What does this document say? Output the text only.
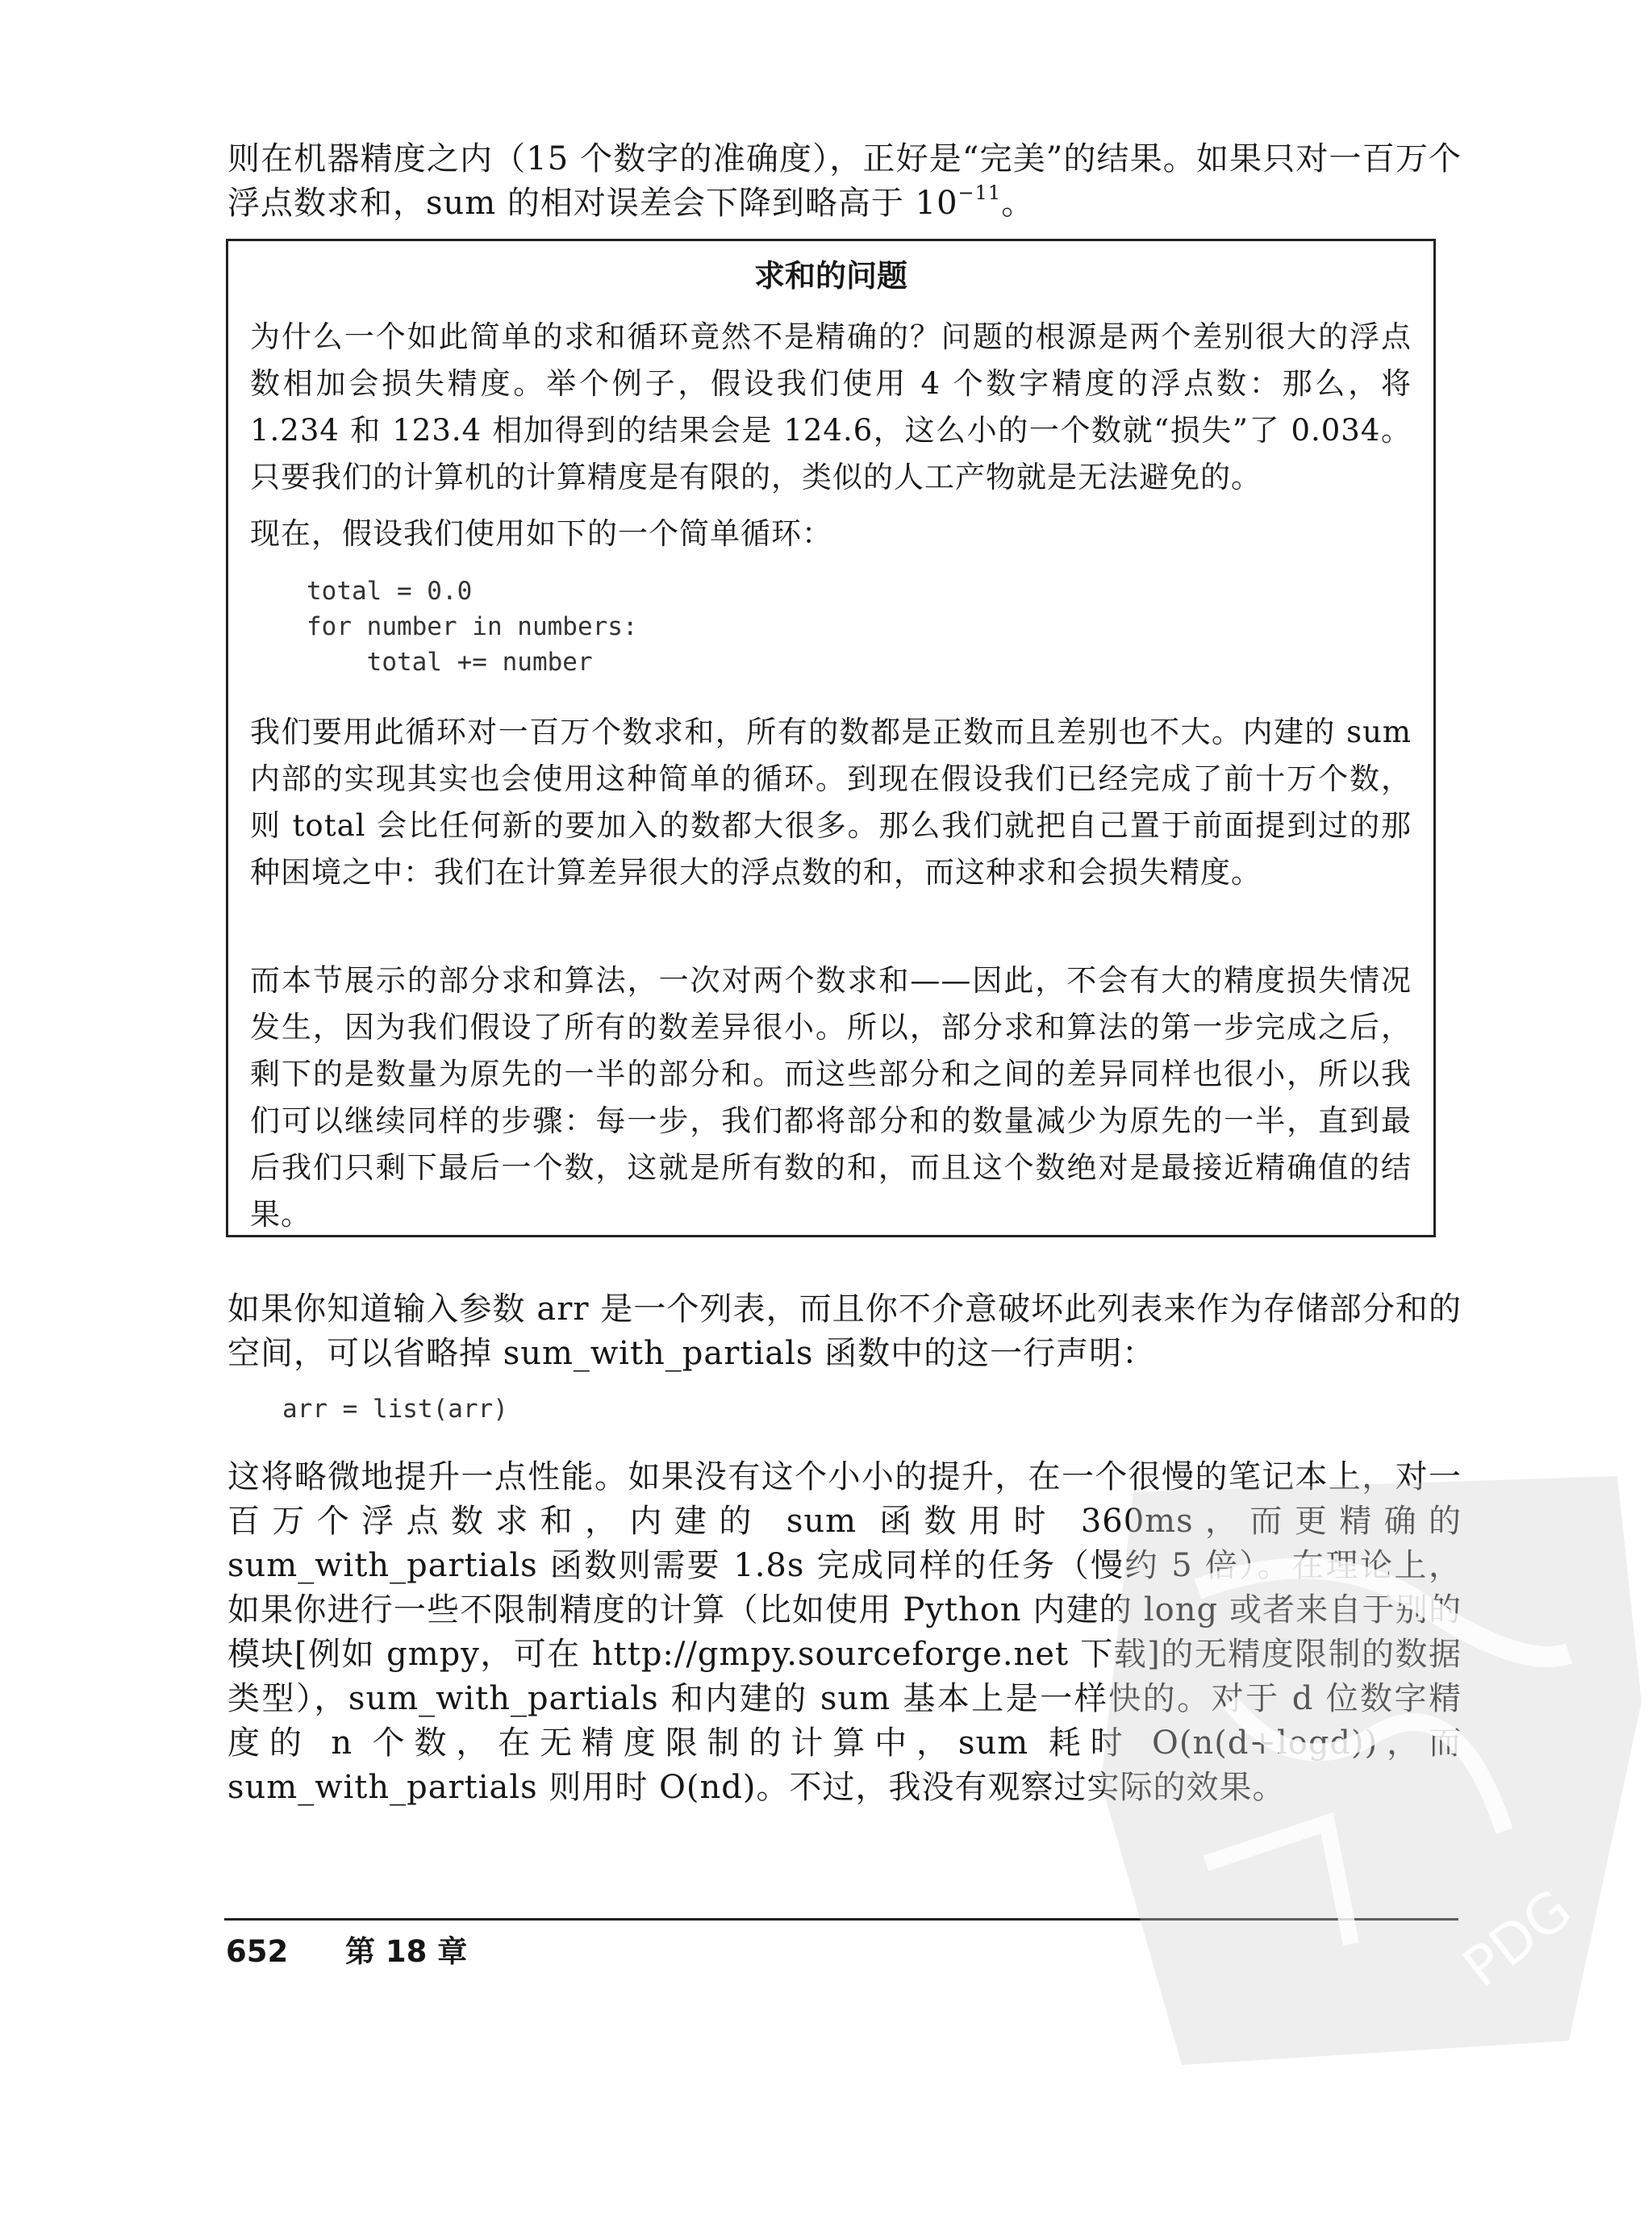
则在机器精度之内（15 个数字的准确度），正好是“完美”的结果。如果只对一百万个浮点数求和，sum 的相对误差会下降到略高于 $10^{-11}$。

求和的问题

为什么一个如此简单的求和循环竟然不是精确的？问题的根源是两个差别很大的浮点数相加会损失精度。举个例子，假设我们使用 4 个数字精度的浮点数：那么，将 1.234 和 123.4 相加得到的结果会是 124.6，这么小的一个数就“损失”了 0.034。只要我们的计算机的计算精度是有限的，类似的人工产物就是无法避免的。

现在，假设我们使用如下的一个简单循环：

total = 0.0
for number in numbers:
total += number

我们要用此循环对一百万个数求和，所有的数都是正数而且差别也不大。内建的 sum 内部的实现其实也会使用这种简单的循环。到现在假设我们已经完成了前十万个数，则 total 会比任何新的要加入的数都大很多。那么我们就把自己置于前面提到过的那种困境之中：我们在计算差异很大的浮点数的和，而这种求和会损失精度。

而本节展示的部分求和算法，一次对两个数求和——因此，不会有大的精度损失情况发生，因为我们假设了所有的数差异很小。所以，部分求和算法的第一步完成之后，剩下的是数量为原先的一半的部分和。而这些部分和之间的差异同样也很小，所以我们可以继续同样的步骤：每一步，我们都将部分和的数量减少为原先的一半，直到最后我们只剩下最后一个数，这就是所有数的和，而且这个数绝对是最接近精确值的结果。

如果你知道输入参数 arr 是一个列表，而且你不介意破坏此列表来作为存储部分和的空间，可以省略掉 sum_with_partials 函数中的这一行声明：

arr = list(arr)

这将略微地提升一点性能。如果没有这个小小的提升，在一个很慢的笔记本上，对一百万个浮点数求和，内建的 sum 函数用时 360ms，而更精确的 sum_with_partials 函数则需要 1.8s 完成同样的任务（慢约 5 倍）。在理论上，如果你进行一些不限制精度的计算（比如使用 Python 内建的 long 或者来自于别的模块[例如 gmpy，可在 http://gmpy.sourceforge.net 下载]的无精度限制的数据类型），sum_with_partials 和内建的 sum 基本上是一样快的。对于 d 位数字精度的 n 个数，在无精度限制的计算中，sum 耗时 O(n(d+logd))，而 sum_with_partials 则用时 O(nd)。不过，我没有观察过实际的效果。

652 第 18 章	PDG
